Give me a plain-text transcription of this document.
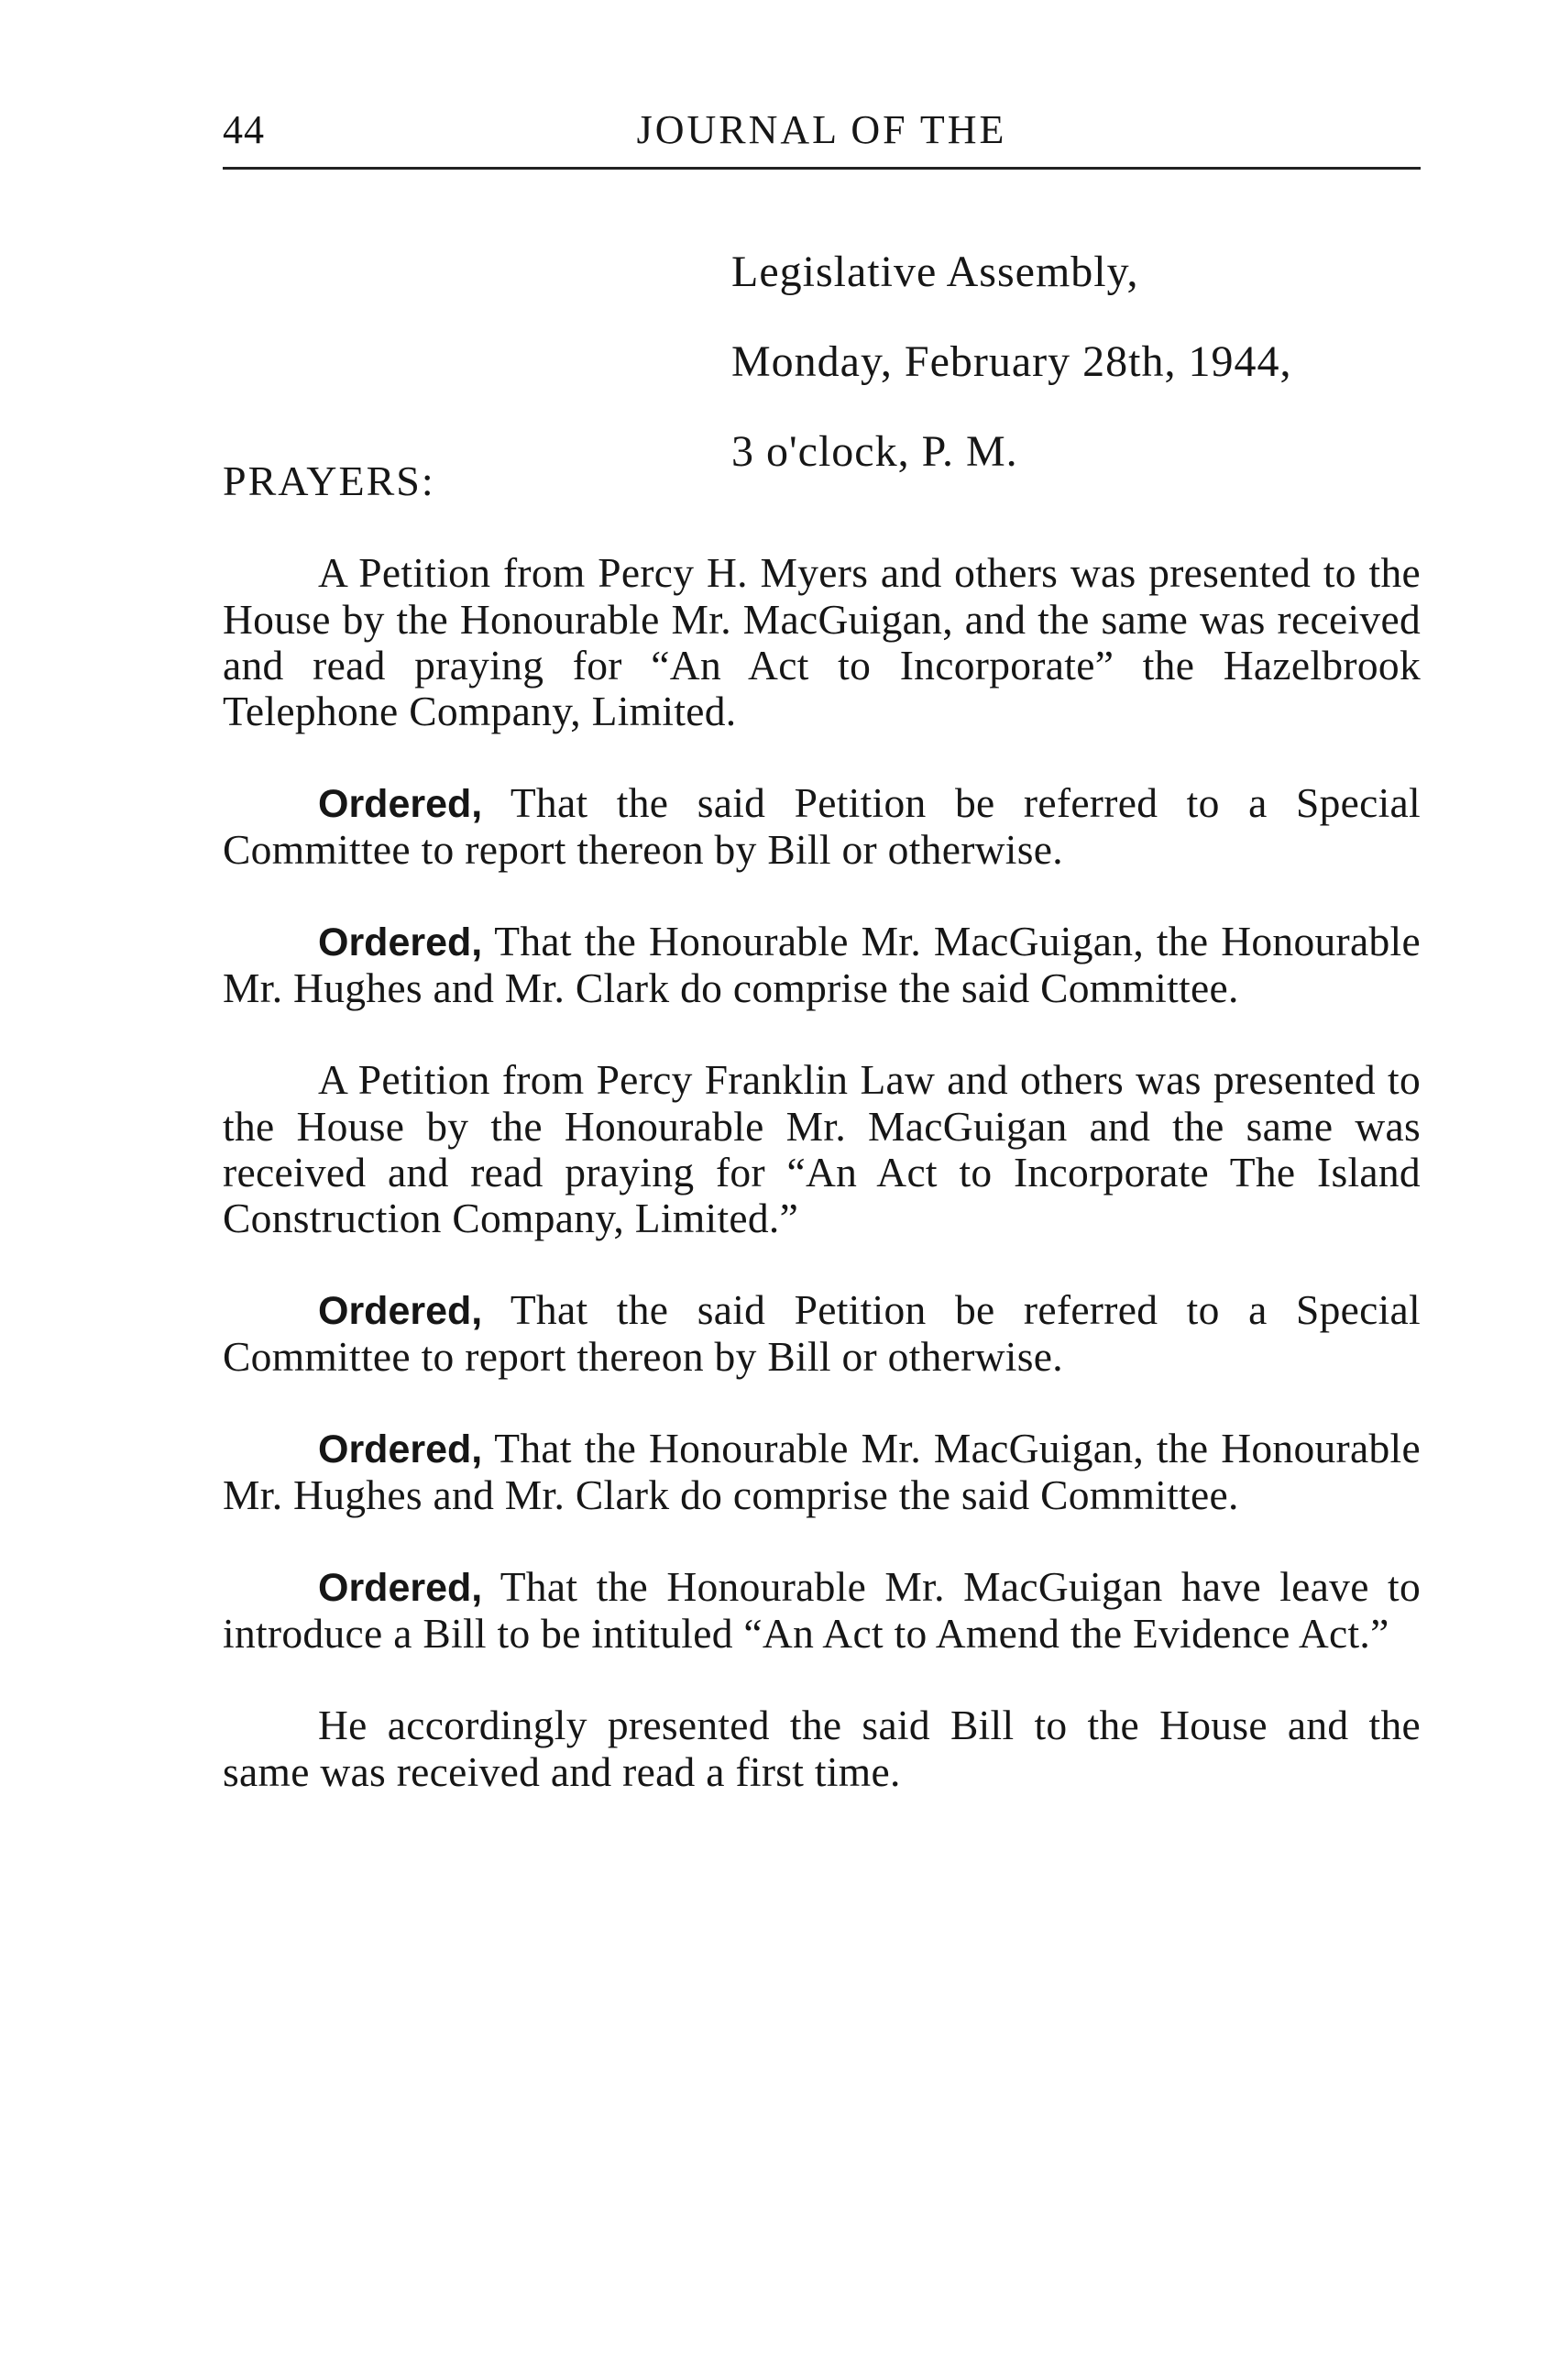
44	JOURNAL OF THE
Legislative Assembly,
Monday, February 28th, 1944,
3 o'clock, P. M.
PRAYERS:

A Petition from Percy H. Myers and others was presented to the House by the Honourable Mr. MacGuigan, and the same was received and read praying for “An Act to Incorporate” the Hazelbrook Telephone Company, Limited.

Ordered, That the said Petition be referred to a Special Committee to report thereon by Bill or otherwise.

Ordered, That the Honourable Mr. MacGuigan, the Honourable Mr. Hughes and Mr. Clark do comprise the said Committee.

A Petition from Percy Franklin Law and others was presented to the House by the Honourable Mr. MacGuigan and the same was received and read praying for “An Act to Incorporate The Island Construction Company, Limited.”

Ordered, That the said Petition be referred to a Special Committee to report thereon by Bill or otherwise.

Ordered, That the Honourable Mr. MacGuigan, the Honourable Mr. Hughes and Mr. Clark do comprise the said Committee.

Ordered, That the Honourable Mr. MacGuigan have leave to introduce a Bill to be intituled “An Act to Amend the Evidence Act.”

He accordingly presented the said Bill to the House and the same was received and read a first time.
